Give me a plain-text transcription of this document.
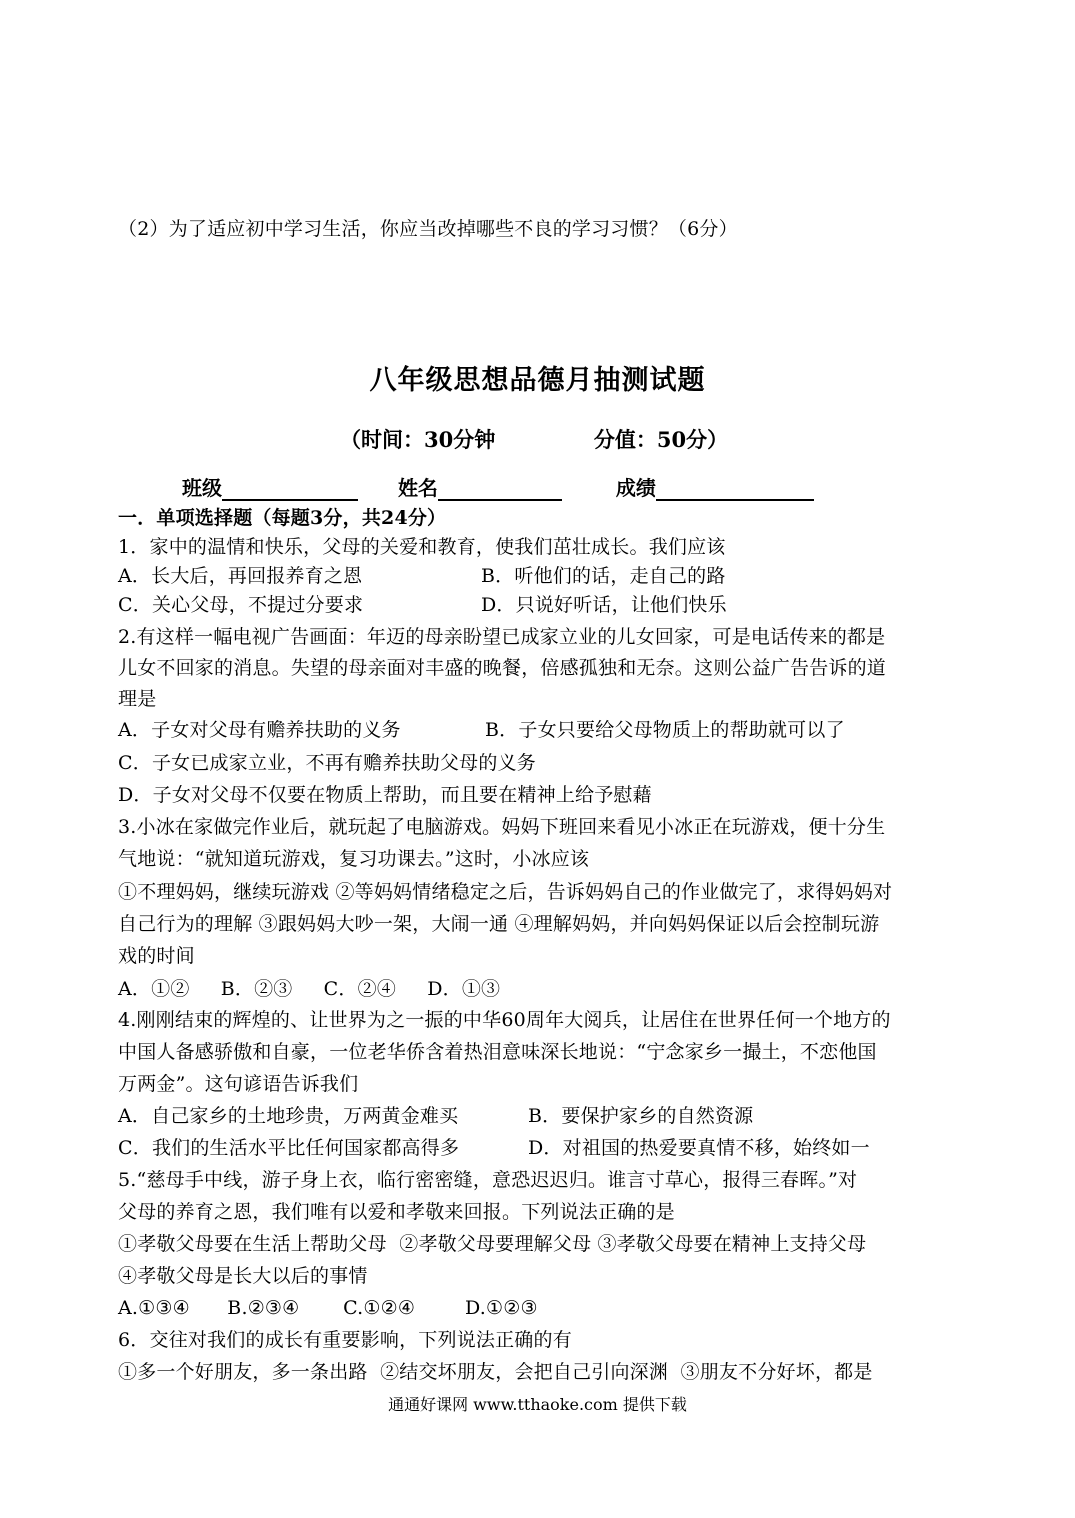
（2）为了适应初中学习生活，你应当改掉哪些不良的学习习惯？（6分）
八年级思想品德月抽测试题
（时间：30分钟	分值：50分）
班级	姓名	成绩
一．单项选择题（每题3分，共24分）
1．家中的温情和快乐，父母的关爱和教育，使我们茁壮成长。我们应该
A．长大后，再回报养育之恩	B．听他们的话，走自己的路
C．关心父母，不提过分要求	D．只说好听话，让他们快乐
2.有这样一幅电视广告画面：年迈的母亲盼望已成家立业的儿女回家，可是电话传来的都是
儿女不回家的消息。失望的母亲面对丰盛的晚餐，倍感孤独和无奈。这则公益广告告诉的道
理是
A．子女对父母有赡养扶助的义务	B．子女只要给父母物质上的帮助就可以了
C．子女已成家立业，不再有赡养扶助父母的义务
D．子女对父母不仅要在物质上帮助，而且要在精神上给予慰藉
3.小冰在家做完作业后，就玩起了电脑游戏。妈妈下班回来看见小冰正在玩游戏，便十分生
气地说：“就知道玩游戏，复习功课去。”这时，小冰应该
①不理妈妈，继续玩游戏 ②等妈妈情绪稳定之后，告诉妈妈自己的作业做完了，求得妈妈对
自己行为的理解 ③跟妈妈大吵一架，大闹一通 ④理解妈妈，并向妈妈保证以后会控制玩游
戏的时间
A．①②     B．②③     C．②④     D．①③
4.刚刚结束的辉煌的、让世界为之一振的中华60周年大阅兵，让居住在世界任何一个地方的
中国人备感骄傲和自豪，一位老华侨含着热泪意味深长地说：“宁念家乡一撮土，不恋他国
万两金”。这句谚语告诉我们
A．自己家乡的土地珍贵，万两黄金难买	B．要保护家乡的自然资源
C．我们的生活水平比任何国家都高得多	D．对祖国的热爱要真情不移，始终如一
5.“慈母手中线，游子身上衣，临行密密缝，意恐迟迟归。谁言寸草心，报得三春晖。”对
父母的养育之恩，我们唯有以爱和孝敬来回报。下列说法正确的是
①孝敬父母要在生活上帮助父母  ②孝敬父母要理解父母 ③孝敬父母要在精神上支持父母
④孝敬父母是长大以后的事情
A.①③④      B.②③④       C.①②④        D.①②③
6．交往对我们的成长有重要影响，下列说法正确的有
①多一个好朋友，多一条出路  ②结交坏朋友，会把自己引向深渊  ③朋友不分好坏，都是
通通好课网 www.tthaoke.com 提供下载
